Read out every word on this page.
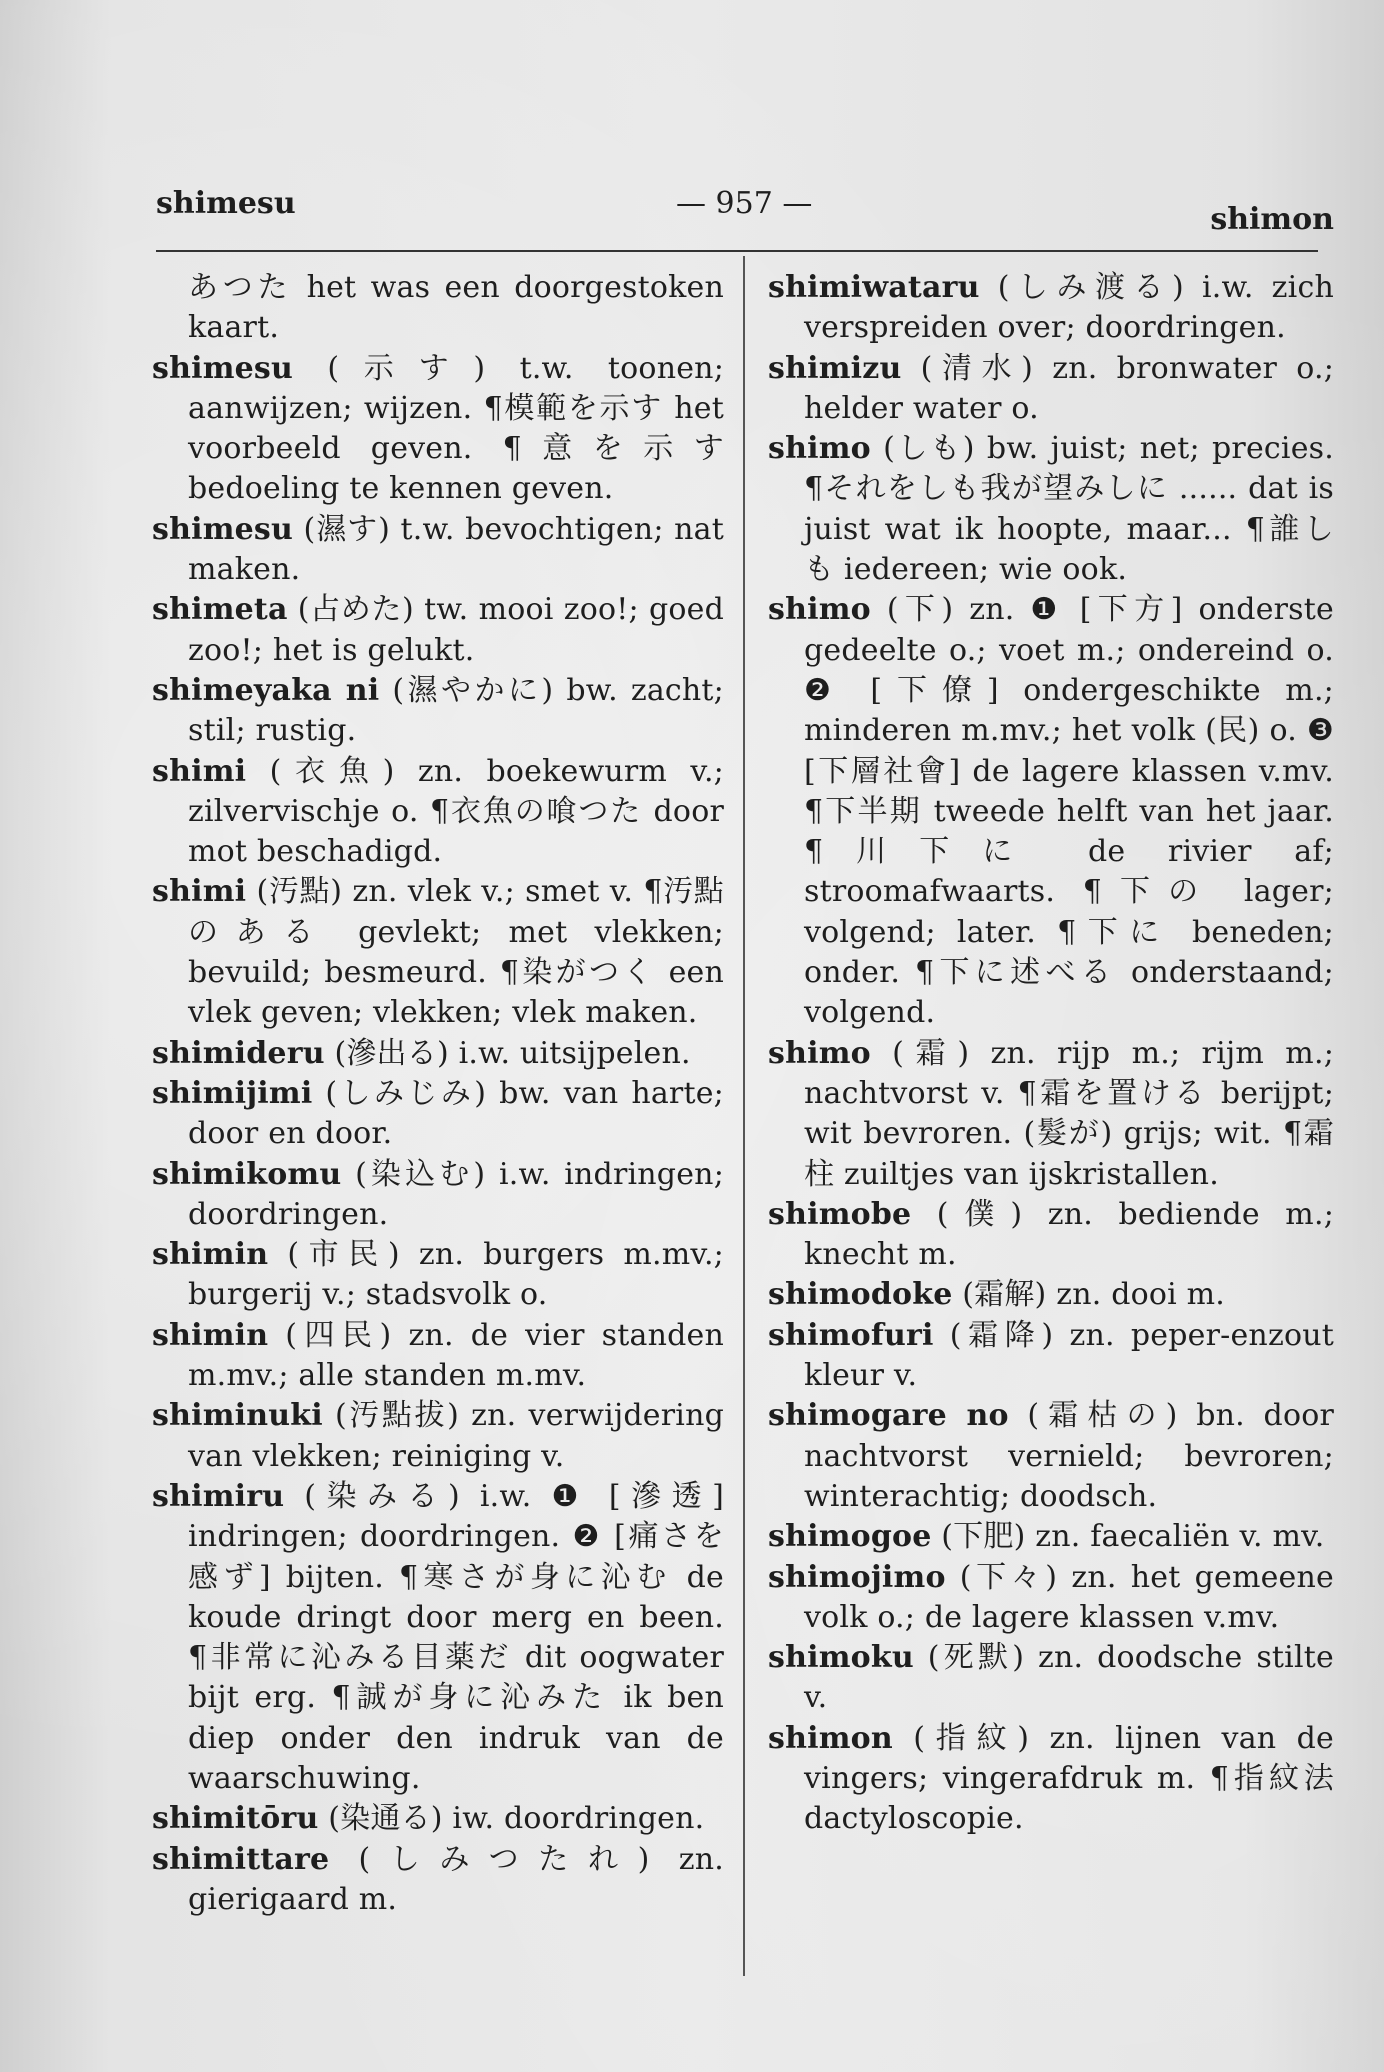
shimesu	— 957 —	shimon

あつた het was een doorgestoken kaart.

shimesu (示す) t.w. toonen; aanwijzen; wijzen. ¶模範を示す het voorbeeld geven. ¶意を示す bedoeling te kennen geven.

shimesu (濕す) t.w. bevochtigen; nat maken.

shimeta (占めた) tw. mooi zoo!; goed zoo!; het is gelukt.

shimeyaka ni (濕やかに) bw. zacht; stil; rustig.

shimi (衣魚) zn. boekewurm v.; zilvervischje o. ¶衣魚の喰つた door mot beschadigd.

shimi (汚點) zn. vlek v.; smet v. ¶汚點のある gevlekt; met vlekken; bevuild; besmeurd. ¶染がつく een vlek geven; vlekken; vlek maken.

shimideru (滲出る) i.w. uitsijpelen.

shimijimi (しみじみ) bw. van harte; door en door.

shimikomu (染込む) i.w. indringen; doordringen.

shimin (市民) zn. burgers m.mv.; burgerij v.; stadsvolk o.

shimin (四民) zn. de vier standen m.mv.; alle standen m.mv.

shiminuki (汚點拔) zn. verwijdering van vlekken; reiniging v.

shimiru (染みる) i.w. ❶ [滲透] indringen; doordringen. ❷ [痛さを感ず] bijten. ¶寒さが身に沁む de koude dringt door merg en been. ¶非常に沁みる目薬だ dit oogwater bijt erg. ¶誠が身に沁みた ik ben diep onder den indruk van de waarschuwing.

shimitōru (染通る) iw. doordringen.

shimittare (しみつたれ) zn. gierigaard m.

shimiwataru (しみ渡る) i.w. zich verspreiden over; doordringen.

shimizu (清水) zn. bronwater o.; helder water o.

shimo (しも) bw. juist; net; precies. ¶それをしも我が望みしに ...... dat is juist wat ik hoopte, maar... ¶誰しも iedereen; wie ook.

shimo (下) zn. ❶ [下方] onderste gedeelte o.; voet m.; ondereind o. ❷ [下僚] ondergeschikte m.; minderen m.mv.; het volk (民) o. ❸ [下層社會] de lagere klassen v.mv. ¶下半期 tweede helft van het jaar. ¶川下に de rivier af; stroomafwaarts. ¶下の lager; volgend; later. ¶下に beneden; onder. ¶下に述べる onderstaand; volgend.

shimo (霜) zn. rijp m.; rijm m.; nachtvorst v. ¶霜を置ける berijpt; wit bevroren. (髮が) grijs; wit. ¶霜柱 zuiltjes van ijskristallen.

shimobe (僕) zn. bediende m.; knecht m.

shimodoke (霜解) zn. dooi m.

shimofuri (霜降) zn. peper-enzout kleur v.

shimogare no (霜枯の) bn. door nachtvorst vernield; bevroren; winterachtig; doodsch.

shimogoe (下肥) zn. faecaliën v. mv.

shimojimo (下々) zn. het gemeene volk o.; de lagere klassen v.mv.

shimoku (死默) zn. doodsche stilte v.

shimon (指紋) zn. lijnen van de vingers; vingerafdruk m. ¶指紋法 dactyloscopie.
